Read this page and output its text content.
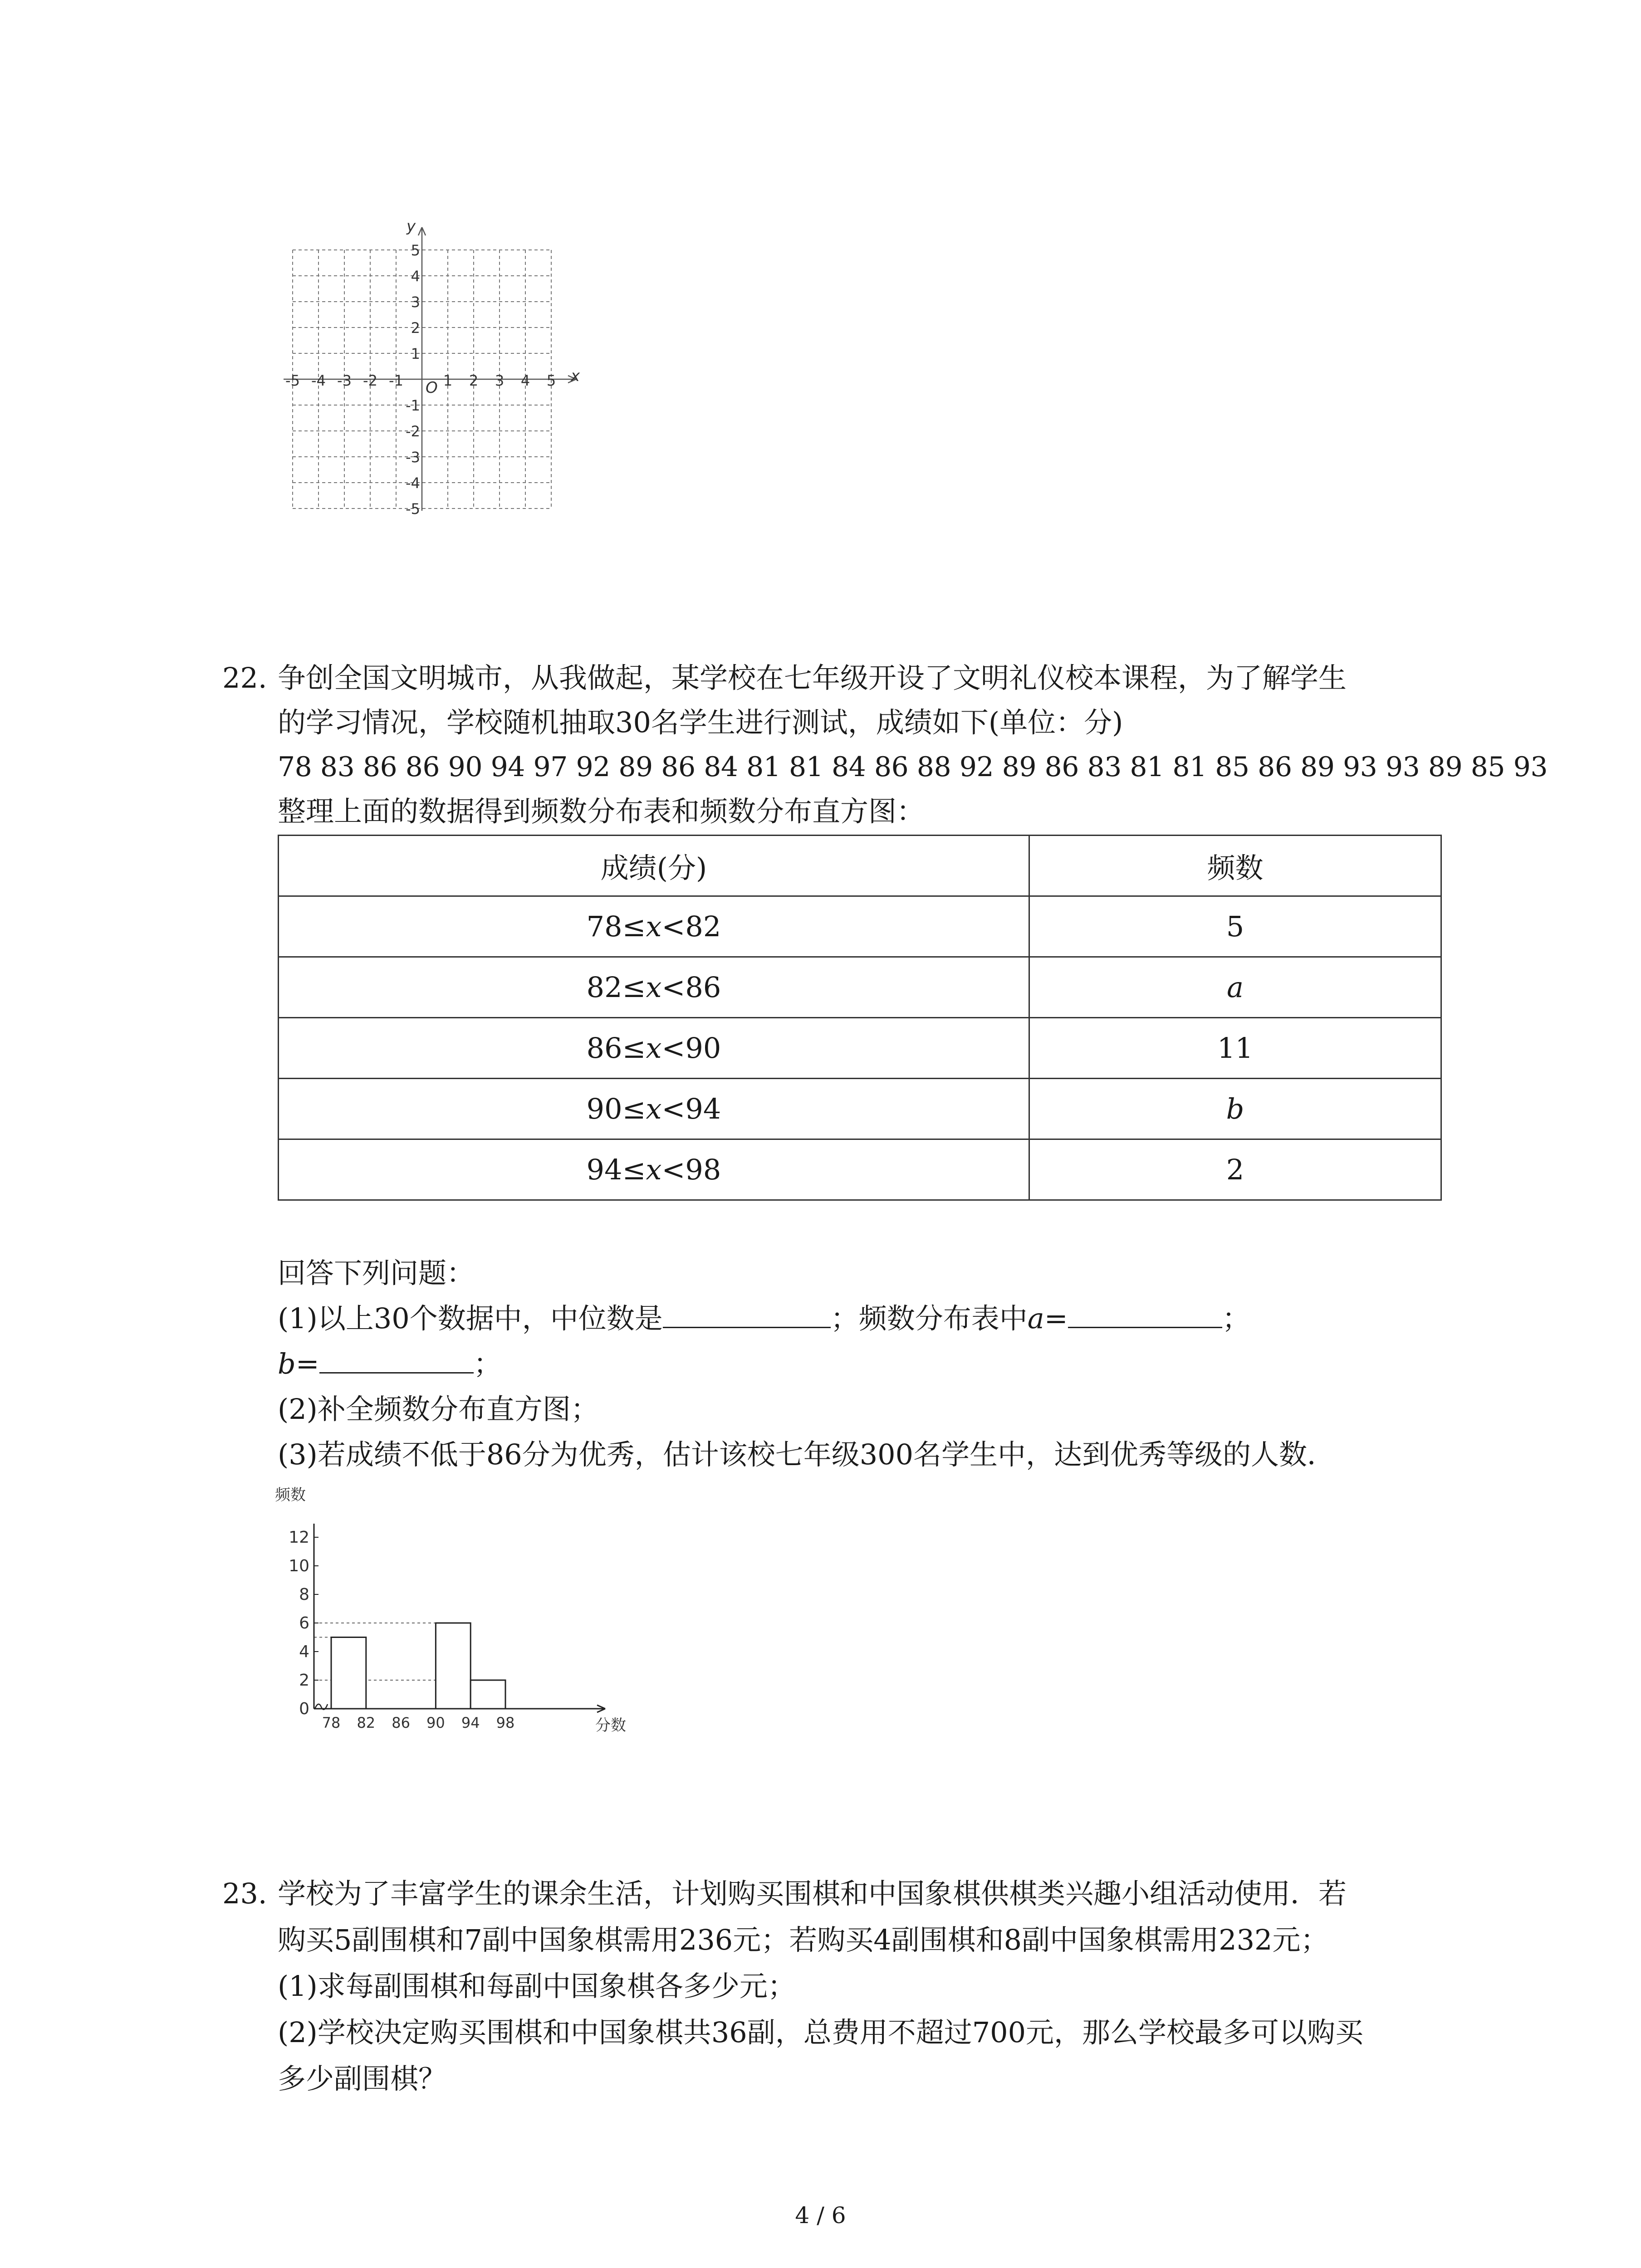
-5 -4 -3 -2 -1	1 2 3 4 5
5
4
3
2
1
-1
-2
-3
-4
-5
x
y
O
22. 争创全国文明城市，从我做起，某学校在七年级开设了文明礼仪校本课程，为了解学生
的学习情况，学校随机抽取30名学生进行测试，成绩如下(单位：分)
78 83 86 86 90 94 97 92 89 86 84 81 81 84 86 88 92 89 86 83 81 81 85 86 89 93 93 89 85 93
整理上面的数据得到频数分布表和频数分布直方图：
成绩(分)	频数
78≤x<82	5
82≤x<86	a
86≤x<90	11
90≤x<94	b
94≤x<98	2
回答下列问题：
(1)以上30个数据中，中位数是	；频数分布表中a=	；
b=	；
(2)补全频数分布直方图；
(3)若成绩不低于86分为优秀，估计该校七年级300名学生中，达到优秀等级的人数．
频数
分数
0
2
4
6
8
10
12
78 82 86 90 94 98
23. 学校为了丰富学生的课余生活，计划购买围棋和中国象棋供棋类兴趣小组活动使用．若
购买5副围棋和7副中国象棋需用236元；若购买4副围棋和8副中国象棋需用232元；
(1)求每副围棋和每副中国象棋各多少元；
(2)学校决定购买围棋和中国象棋共36副，总费用不超过700元，那么学校最多可以购买
多少副围棋？
4 / 6
